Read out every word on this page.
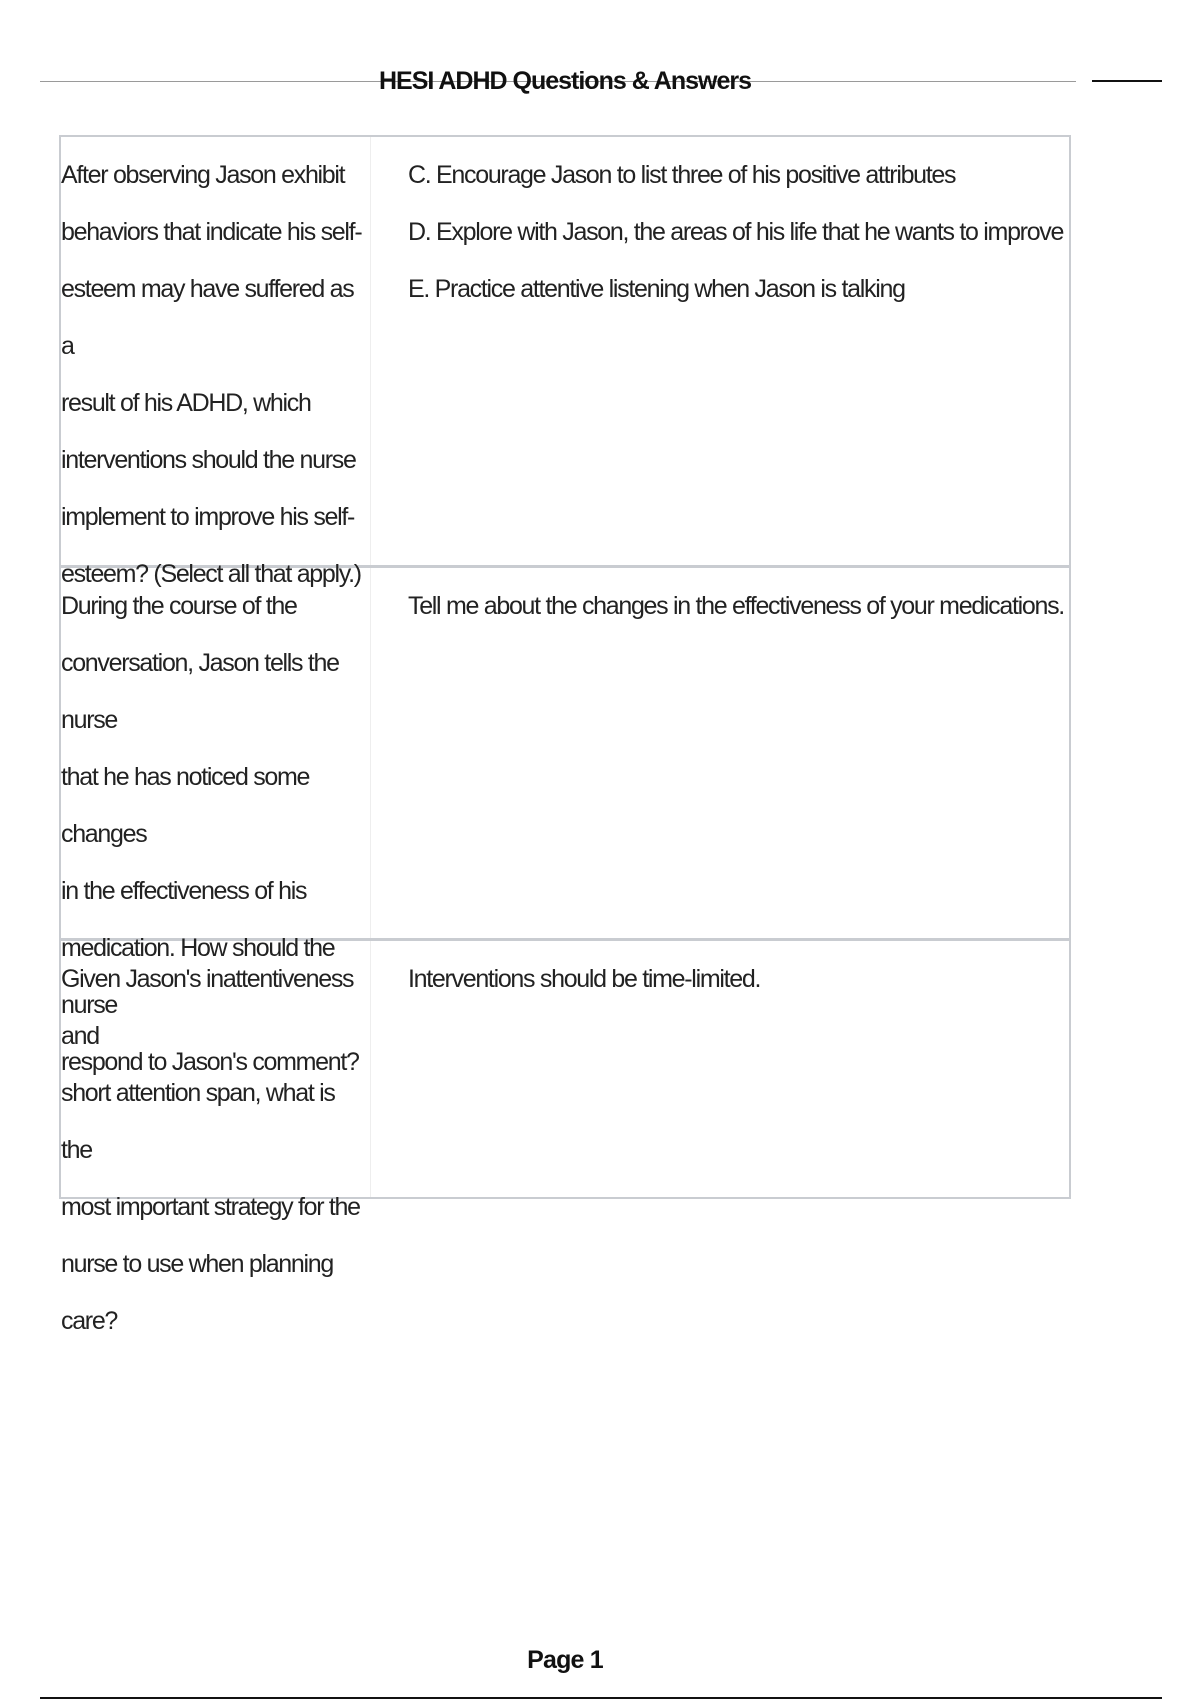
HESI ADHD Questions & Answers
After observing Jason exhibit
behaviors that indicate his self-
esteem may have suffered as a
result of his ADHD, which
interventions should the nurse
implement to improve his self-
esteem? (Select all that apply.)
C. Encourage Jason to list three of his positive attributes
D. Explore with Jason, the areas of his life that he wants to improve
E. Practice attentive listening when Jason is talking
During the course of the
conversation, Jason tells the nurse
that he has noticed some changes
in the effectiveness of his
medication. How should the nurse
respond to Jason's comment?
Tell me about the changes in the effectiveness of your medications.
Given Jason's inattentiveness and
short attention span, what is the
most important strategy for the
nurse to use when planning care?
Interventions should be time-limited.
Page 1
